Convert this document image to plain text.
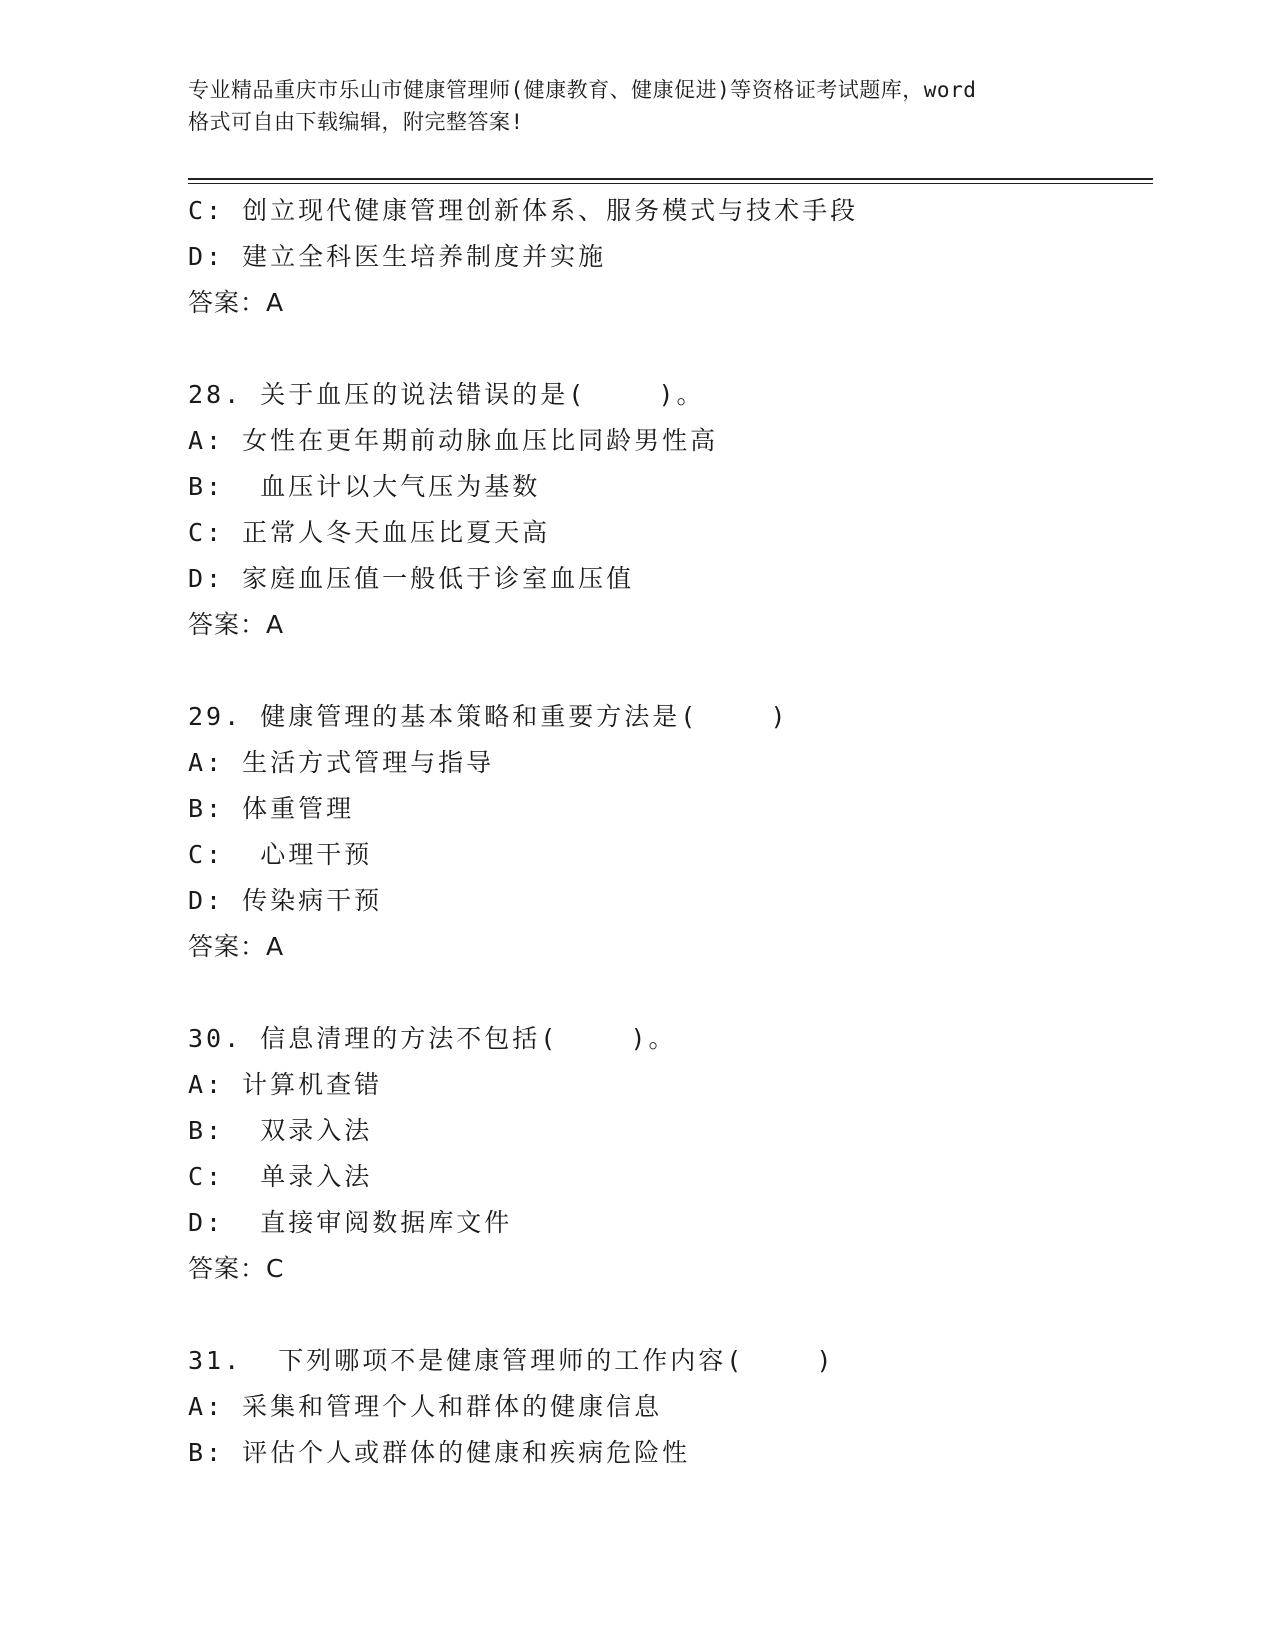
专业精品重庆市乐山市健康管理师(健康教育、健康促进)等资格证考试题库，word
格式可自由下载编辑，附完整答案!
C: 创立现代健康管理创新体系、服务模式与技术手段
D: 建立全科医生培养制度并实施
答案：A
28. 关于血压的说法错误的是(    )。
A: 女性在更年期前动脉血压比同龄男性高
B:  血压计以大气压为基数
C: 正常人冬天血压比夏天高
D: 家庭血压值一般低于诊室血压值
答案：A
29. 健康管理的基本策略和重要方法是(    )
A: 生活方式管理与指导
B: 体重管理
C:  心理干预
D: 传染病干预
答案：A
30. 信息清理的方法不包括(    )。
A: 计算机查错
B:  双录入法
C:  单录入法
D:  直接审阅数据库文件
答案：C
31.  下列哪项不是健康管理师的工作内容(    )
A: 采集和管理个人和群体的健康信息
B: 评估个人或群体的健康和疾病危险性
